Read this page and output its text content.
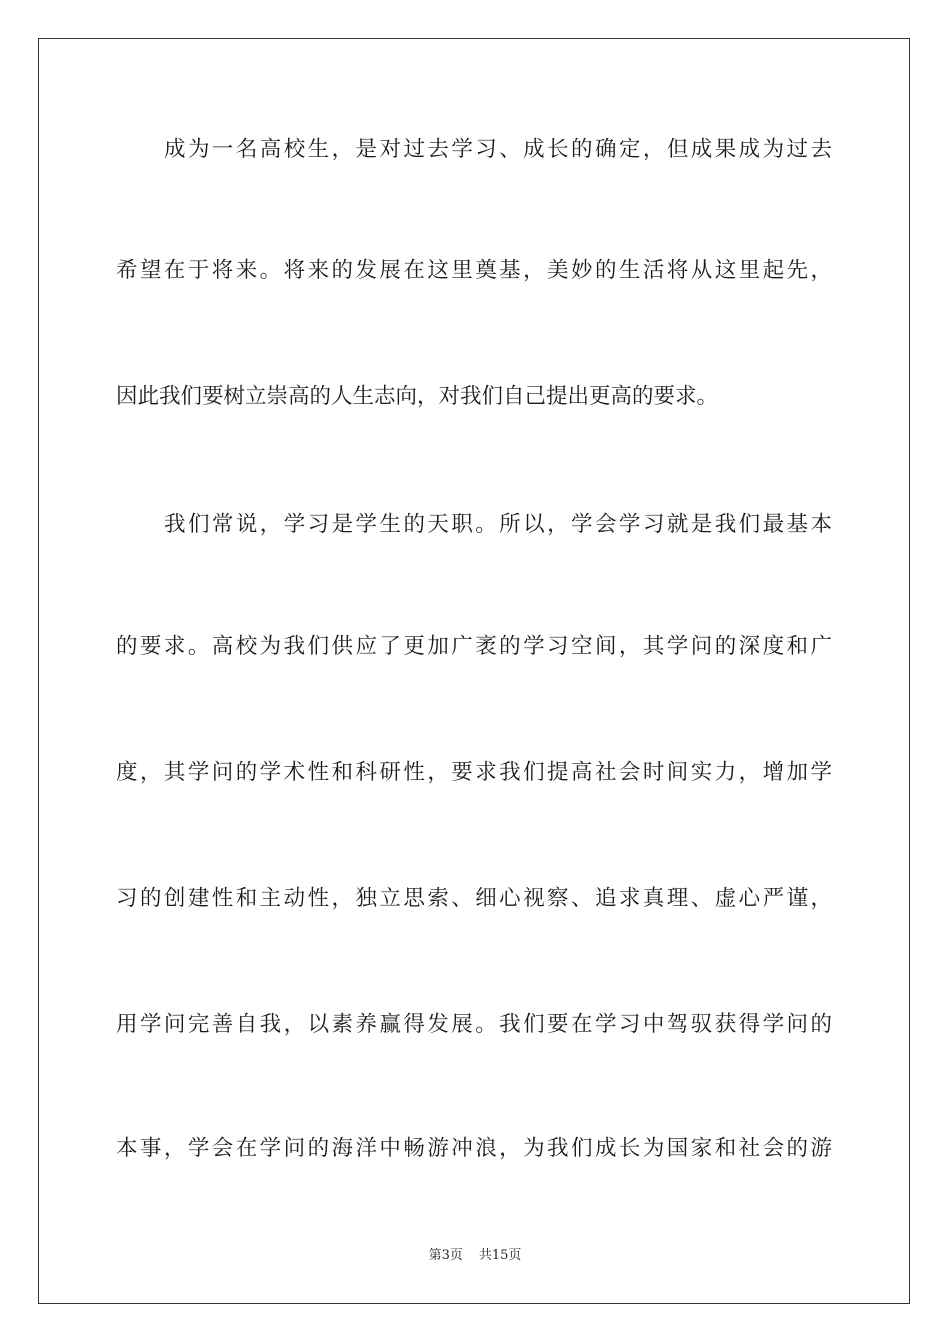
成为一名高校生，是对过去学习、成长的确定，但成果成为过去
希望在于将来。将来的发展在这里奠基，美妙的生活将从这里起先，
因此我们要树立崇高的人生志向，对我们自己提出更高的要求。
我们常说，学习是学生的天职。所以，学会学习就是我们最基本
的要求。高校为我们供应了更加广袤的学习空间，其学问的深度和广
度，其学问的学术性和科研性，要求我们提高社会时间实力，增加学
习的创建性和主动性，独立思索、细心视察、追求真理、虚心严谨，
用学问完善自我，以素养赢得发展。我们要在学习中驾驭获得学问的
本事，学会在学问的海洋中畅游冲浪，为我们成长为国家和社会的游
第3页 共15页
